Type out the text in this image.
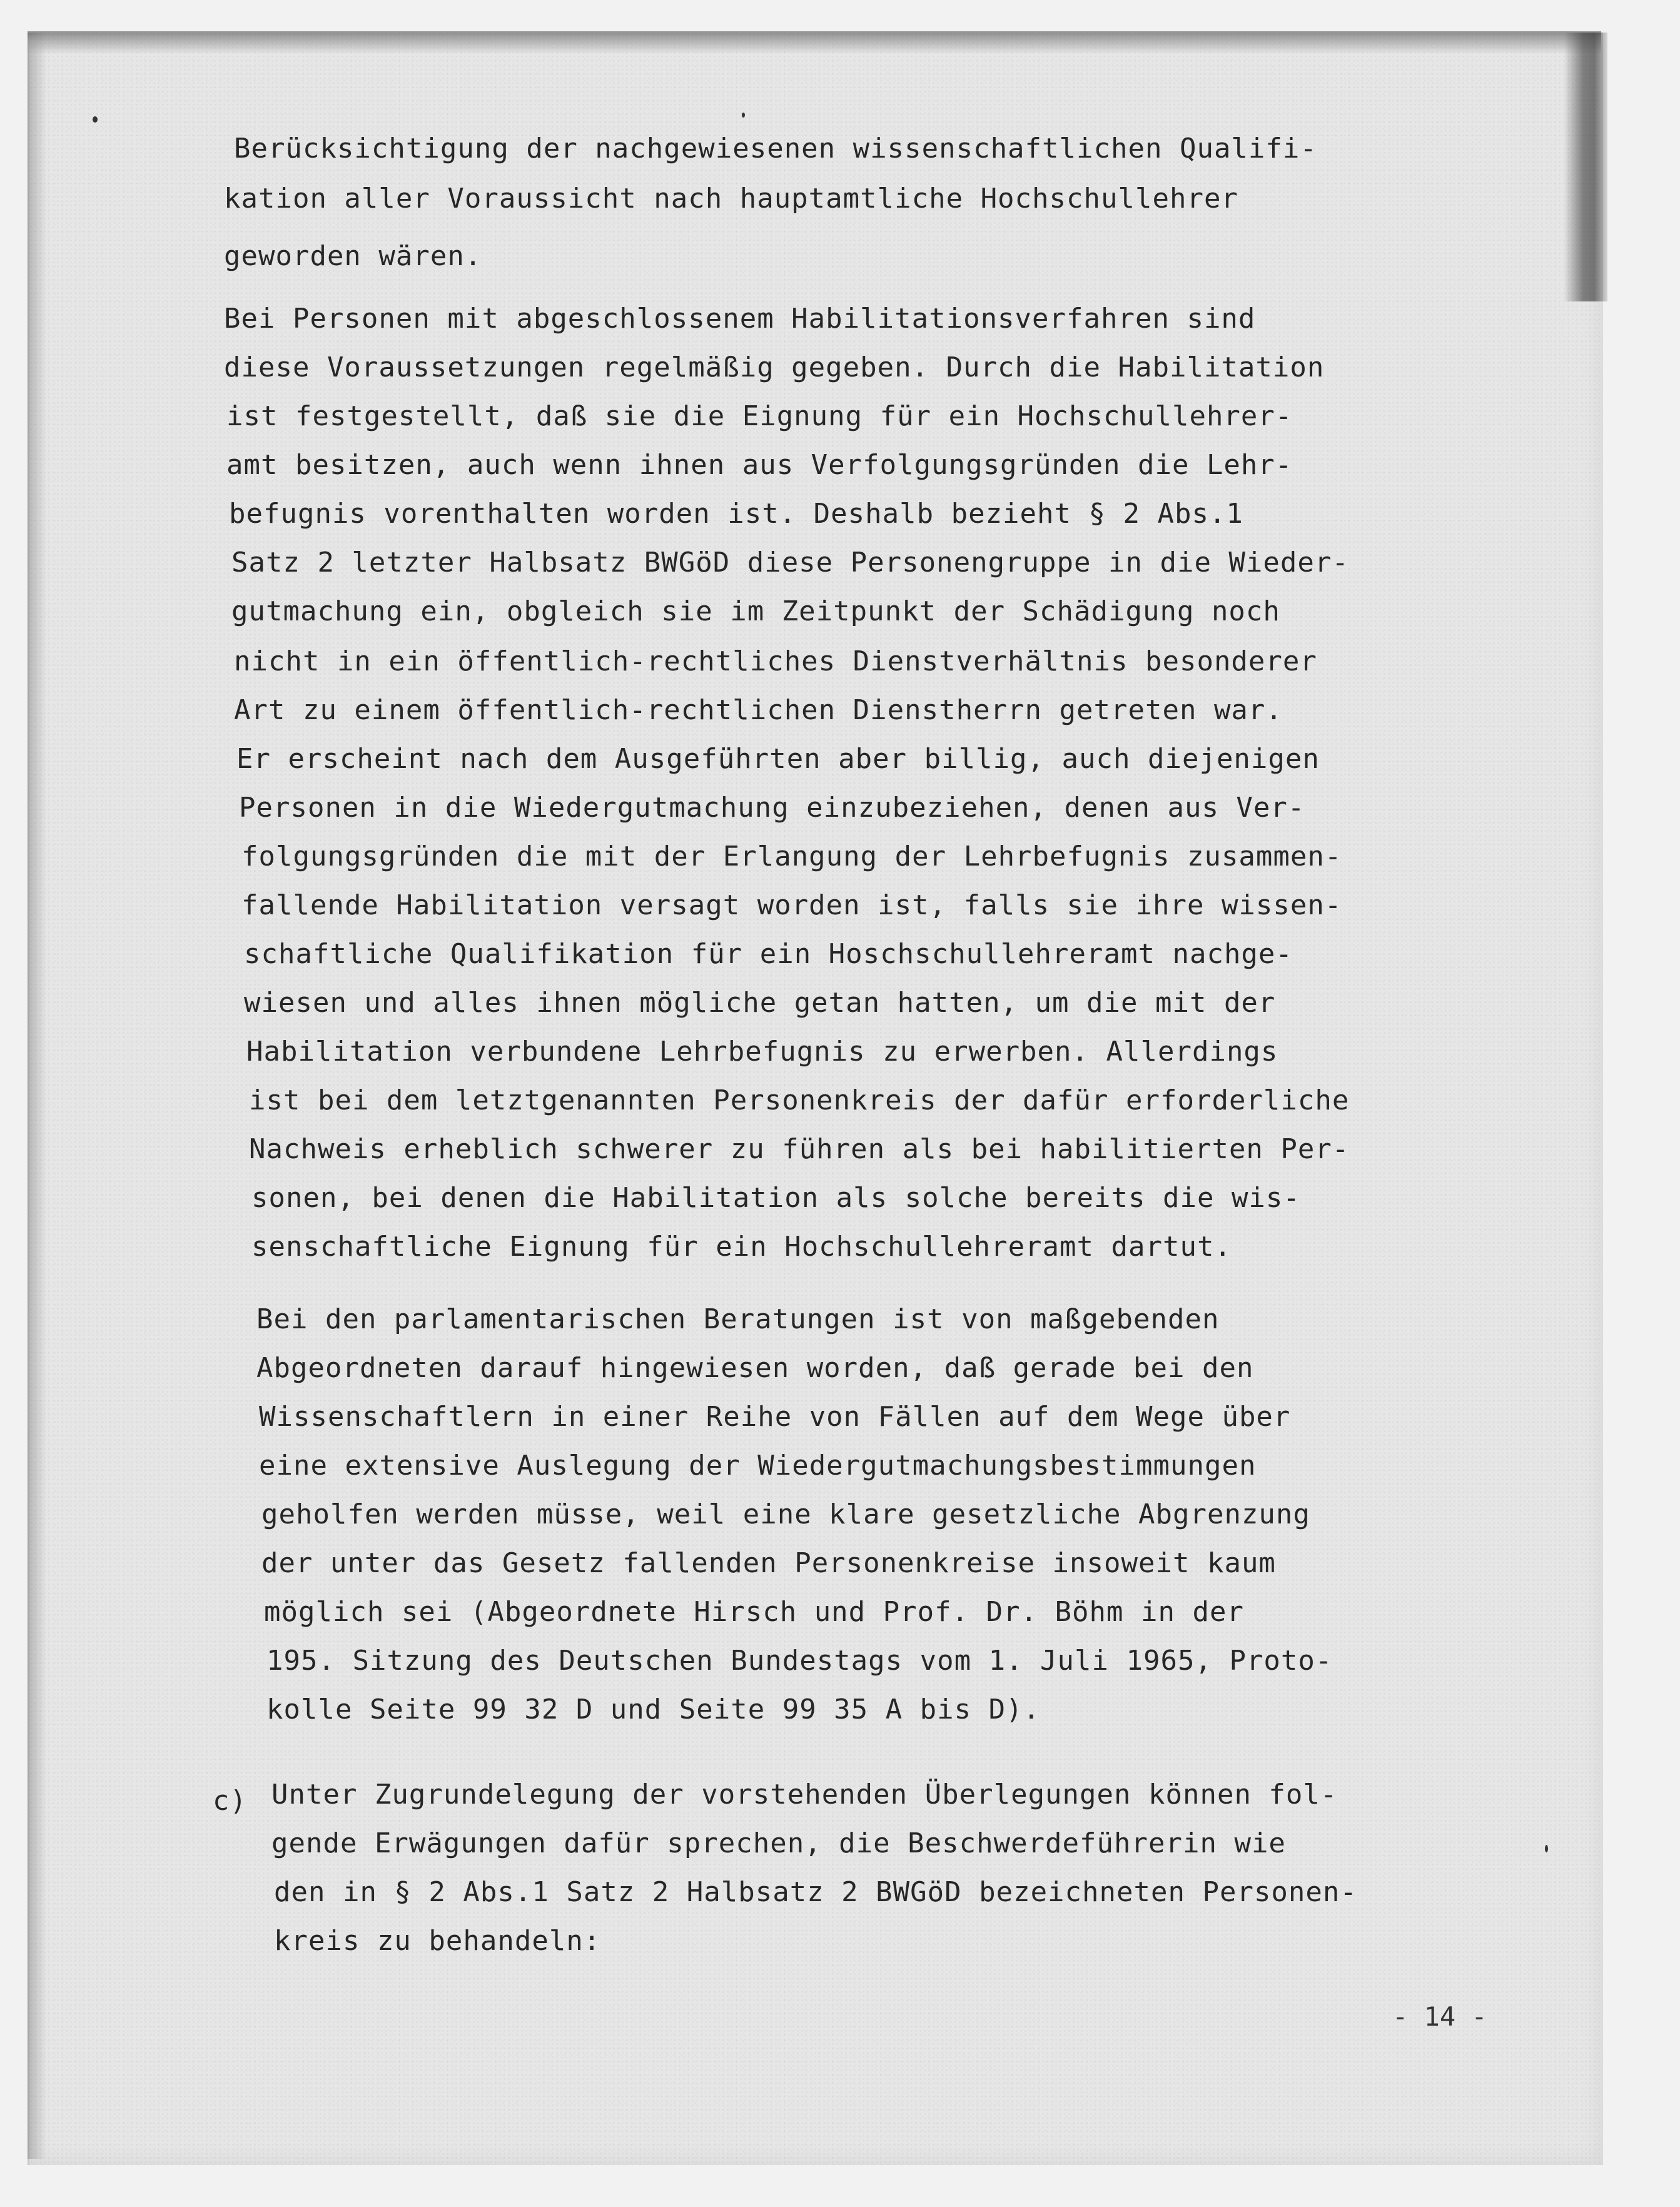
Berücksichtigung der nachgewiesenen wissenschaftlichen Qualifi-

kation aller Voraussicht nach hauptamtliche Hochschullehrer

geworden wären.

Bei Personen mit abgeschlossenem Habilitationsverfahren sind

diese Voraussetzungen regelmäßig gegeben. Durch die Habilitation

ist festgestellt, daß sie die Eignung für ein Hochschullehrer-

amt besitzen, auch wenn ihnen aus Verfolgungsgründen die Lehr-

befugnis vorenthalten worden ist. Deshalb bezieht § 2 Abs.1

Satz 2 letzter Halbsatz BWGöD diese Personengruppe in die Wieder-

gutmachung ein, obgleich sie im Zeitpunkt der Schädigung noch

nicht in ein öffentlich-rechtliches Dienstverhältnis besonderer

Art zu einem öffentlich-rechtlichen Dienstherrn getreten war.

Er erscheint nach dem Ausgeführten aber billig, auch diejenigen

Personen in die Wiedergutmachung einzubeziehen, denen aus Ver-

folgungsgründen die mit der Erlangung der Lehrbefugnis zusammen-

fallende Habilitation versagt worden ist, falls sie ihre wissen-

schaftliche Qualifikation für ein Hoschschullehreramt nachge-

wiesen und alles ihnen mögliche getan hatten, um die mit der

Habilitation verbundene Lehrbefugnis zu erwerben. Allerdings

ist bei dem letztgenannten Personenkreis der dafür erforderliche

Nachweis erheblich schwerer zu führen als bei habilitierten Per-

sonen, bei denen die Habilitation als solche bereits die wis-

senschaftliche Eignung für ein Hochschullehreramt dartut.

Bei den parlamentarischen Beratungen ist von maßgebenden

Abgeordneten darauf hingewiesen worden, daß gerade bei den

Wissenschaftlern in einer Reihe von Fällen auf dem Wege über

eine extensive Auslegung der Wiedergutmachungsbestimmungen

geholfen werden müsse, weil eine klare gesetzliche Abgrenzung

der unter das Gesetz fallenden Personenkreise insoweit kaum

möglich sei (Abgeordnete Hirsch und Prof. Dr. Böhm in der

195. Sitzung des Deutschen Bundestags vom 1. Juli 1965, Proto-

kolle Seite 99 32 D und Seite 99 35 A bis D).

c) Unter Zugrundelegung der vorstehenden Überlegungen können fol-

gende Erwägungen dafür sprechen, die Beschwerdeführerin wie

den in § 2 Abs.1 Satz 2 Halbsatz 2 BWGöD bezeichneten Personen-

kreis zu behandeln:

- 14 -
